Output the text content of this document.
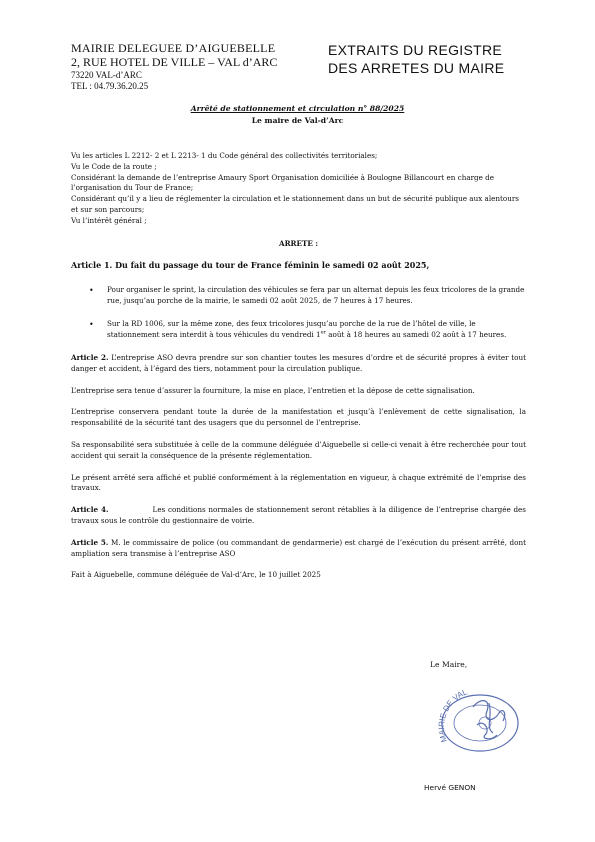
MAIRIE DELEGUEE D’AIGUEBELLE
2, RUE HOTEL DE VILLE – VAL d’ARC
73220 VAL-d’ARC
TEL : 04.79.36.20.25
EXTRAITS DU REGISTRE
DES ARRETES DU MAIRE
Arrêté de stationnement et circulation n° 88/2025
Le maire de Val-d’Arc

Vu les articles L 2212- 2 et L 2213- 1 du Code général des collectivités territoriales;

Vu le Code de la route ;

Considérant la demande de l’entreprise Amaury Sport Organisation domiciliée à Boulogne Billancourt en charge de l’organisation du Tour de France;

Considérant qu’il y a lieu de réglementer la circulation et le stationnement dans un but de sécurité publique aux alentours et sur son parcours;

Vu l’intérêt général ;

ARRETE :
Article 1. Du fait du passage du tour de France féminin le samedi 02 août 2025,
• Pour organiser le sprint, la circulation des véhicules se fera par un alternat depuis les feux tricolores de la grande rue, jusqu’au porche de la mairie, le samedi 02 août 2025, de 7 heures à 17 heures.
• Sur la RD 1006, sur la même zone, des feux tricolores jusqu’au porche de la rue de l’hôtel de ville, le stationnement sera interdit à tous véhicules du vendredi 1er août à 18 heures au samedi 02 août à 17 heures.

Article 2. L’entreprise ASO devra prendre sur son chantier toutes les mesures d’ordre et de sécurité propres à éviter tout danger et accident, à l’égard des tiers, notamment pour la circulation publique.

L’entreprise sera tenue d’assurer la fourniture, la mise en place, l’entretien et la dépose de cette signalisation.

L’entreprise conservera pendant toute la durée de la manifestation et jusqu’à l’enlèvement de cette signalisation, la responsabilité de la sécurité tant des usagers que du personnel de l’entreprise.

Sa responsabilité sera substituée à celle de la commune déléguée d’Aiguebelle si celle-ci venait à être recherchée pour tout accident qui serait la conséquence de la présente réglementation.

Le présent arrêté sera affiché et publié conformément à la réglementation en vigueur, à chaque extrémité de l’emprise des travaux.

Article 4.	Les conditions normales de stationnement seront rétablies à la diligence de l’entreprise chargée des travaux sous le contrôle du gestionnaire de voirie.

Article 5. M. le commissaire de police (ou commandant de gendarmerie) est chargé de l’exécution du présent arrêté, dont ampliation sera transmise à l’entreprise ASO

Fait à Aiguebelle, commune déléguée de Val-d’Arc, le 10 juillet 2025

Le Maire,
MAIRIE DE VAL
Hervé GENON
